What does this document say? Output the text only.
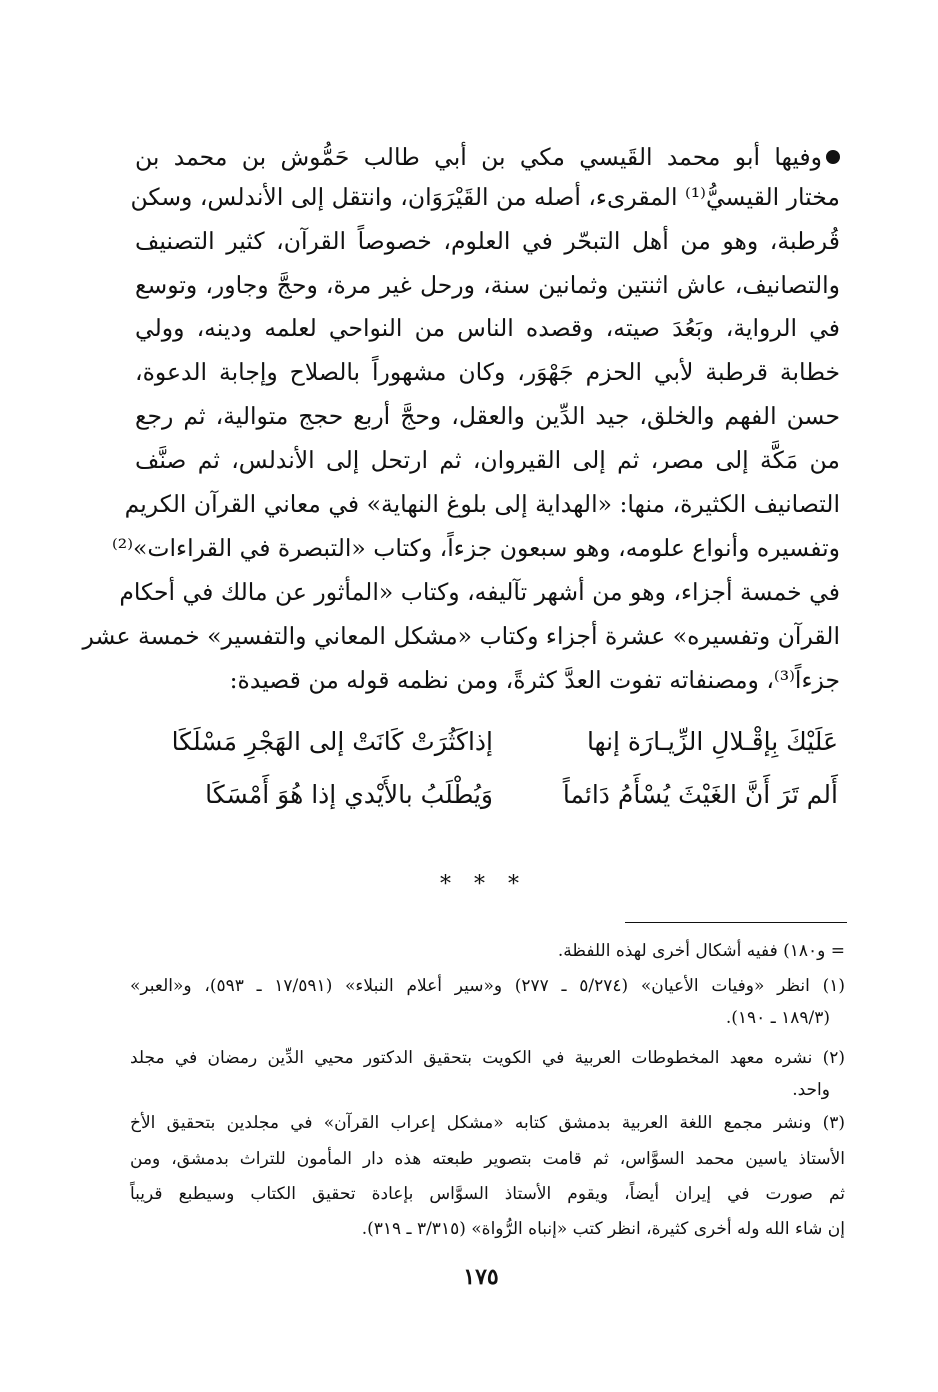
وفيها أبو محمد القَيسي مكي بن أبي طالب حَمُّوش بن محمد بن
مختار القيسيُّ⁽¹⁾ المقرىء، أصله من القَيْرَوَان، وانتقل إلى الأندلس، وسكن
قُرطبة، وهو من أهل التبحّر في العلوم، خصوصاً القرآن، كثير التصنيف
والتصانيف، عاش اثنتين وثمانين سنة، ورحل غير مرة، وحجَّ وجاور، وتوسع
في الرواية، وبَعُدَ صيته، وقصده الناس من النواحي لعلمه ودينه، وولي
خطابة قرطبة لأبي الحزم جَهْوَر، وكان مشهوراً بالصلاح وإجابة الدعوة،
حسن الفهم والخلق، جيد الدِّين والعقل، وحجَّ أربع حجج متوالية، ثم رجع
من مَكَّة إلى مصر، ثم إلى القيروان، ثم ارتحل إلى الأندلس، ثم صنَّف
التصانيف الكثيرة، منها: «الهداية إلى بلوغ النهاية» في معاني القرآن الكريم
وتفسيره وأنواع علومه، وهو سبعون جزءاً، وكتاب «التبصرة في القراءات»⁽²⁾
في خمسة أجزاء، وهو من أشهر تآليفه، وكتاب «المأثور عن مالك في أحكام
القرآن وتفسيره» عشرة أجزاء وكتاب «مشكل المعاني والتفسير» خمسة عشر
جزءاً⁽³⁾، ومصنفاته تفوت العدَّ كثرةً، ومن نظمه قوله من قصيدة:
عَلَيْكَ بِإقْـلالِ الزِّيـارَة إنها
إذاكَثُرَتْ كَانَتْ إلى الهَجْرِ مَسْلَكَا
أَلم تَرَ أَنَّ الغَيْثَ يُسْأَمُ دَائماً
وَيُطْلَبُ بالأَيْدي إذا هُوَ أَمْسَكَا
* * *
= و١٨٠) ففيه أشكال أخرى لهذه اللفظة.
(١) انظر «وفيات الأعيان» (٥/٢٧٤ ـ ٢٧٧) و«سير أعلام النبلاء» (١٧/٥٩١ ـ ٥٩٣)، و«العبر»
(١٨٩/٣ ـ ١٩٠).
(٢) نشره معهد المخطوطات العربية في الكويت بتحقيق الدكتور محيي الدِّين رمضان في مجلد
واحد.
(٣) ونشر مجمع اللغة العربية بدمشق كتابه «مشكل إعراب القرآن» في مجلدين بتحقيق الأخ
الأستاذ ياسين محمد السوَّاس، ثم قامت بتصوير طبعته هذه دار المأمون للتراث بدمشق، ومن
ثم صورت في إيران أيضاً، ويقوم الأستاذ السوَّاس بإعادة تحقيق الكتاب وسيطبع قريباً
إن شاء الله وله أخرى كثيرة، انظر كتب «إنباه الرُّواة» (٣/٣١٥ ـ ٣١٩).
١٧٥
